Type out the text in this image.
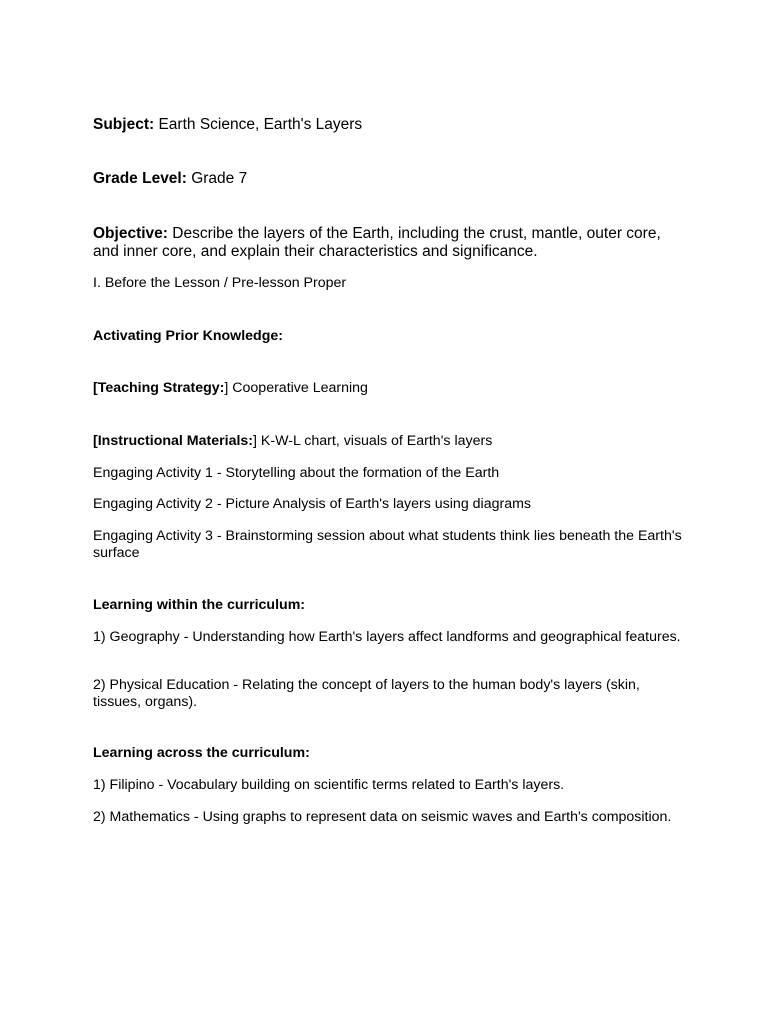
Subject: Earth Science, Earth's Layers

Grade Level: Grade 7

Objective: Describe the layers of the Earth, including the crust, mantle, outer core, and inner core, and explain their characteristics and significance.

I. Before the Lesson / Pre-lesson Proper

Activating Prior Knowledge:

[Teaching Strategy:] Cooperative Learning

[Instructional Materials:] K-W-L chart, visuals of Earth's layers

Engaging Activity 1 - Storytelling about the formation of the Earth

Engaging Activity 2 - Picture Analysis of Earth's layers using diagrams

Engaging Activity 3 - Brainstorming session about what students think lies beneath the Earth's surface

Learning within the curriculum:

1) Geography - Understanding how Earth's layers affect landforms and geographical features.

2) Physical Education - Relating the concept of layers to the human body's layers (skin, tissues, organs).

Learning across the curriculum:

1) Filipino - Vocabulary building on scientific terms related to Earth's layers.

2) Mathematics - Using graphs to represent data on seismic waves and Earth's composition.
